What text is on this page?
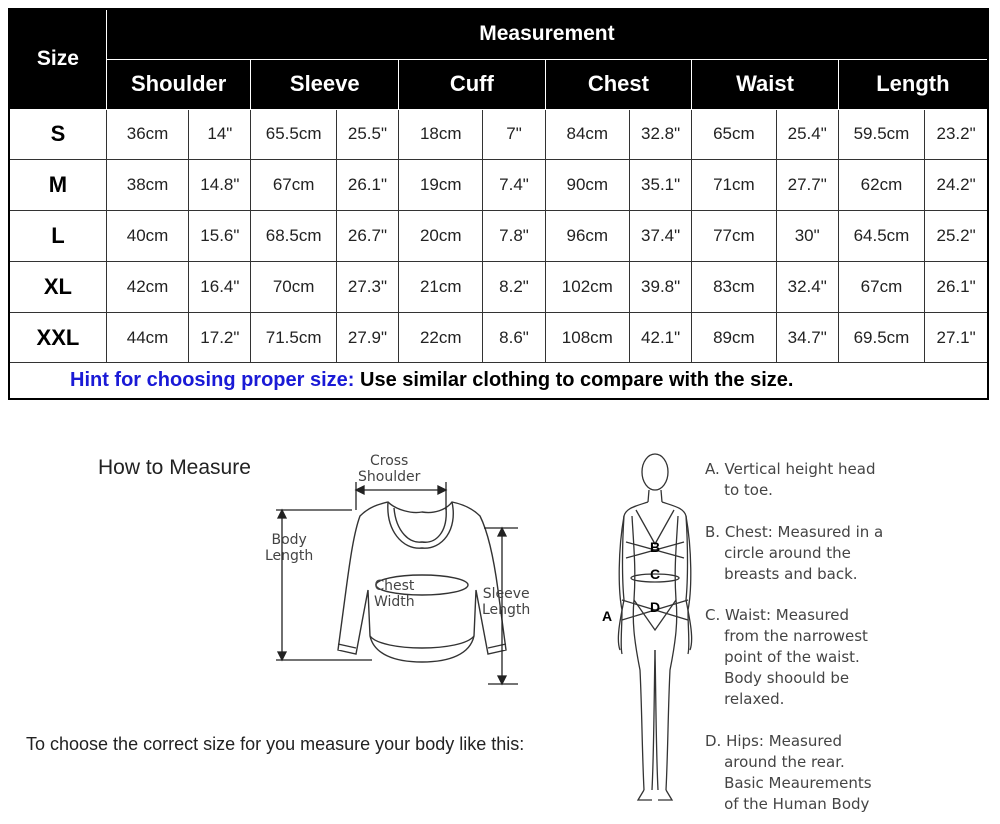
Size	Measurement											
	Shoulder		Sleeve		Cuff		Chest		Waist		Length	
S	36cm	14"	65.5cm	25.5"	18cm	7"	84cm	32.8"	65cm	25.4"	59.5cm	23.2"
M	38cm	14.8"	67cm	26.1"	19cm	7.4"	90cm	35.1"	71cm	27.7"	62cm	24.2"
L	40cm	15.6"	68.5cm	26.7"	20cm	7.8"	96cm	37.4"	77cm	30"	64.5cm	25.2"
XL	42cm	16.4"	70cm	27.3"	21cm	8.2"	102cm	39.8"	83cm	32.4"	67cm	26.1"
XXL	44cm	17.2"	71.5cm	27.9"	22cm	8.6"	108cm	42.1"	89cm	34.7"	69.5cm	27.1"
Hint for choosing proper size: Use similar clothing to compare with the size.												
How to Measure	Cross
Shoulder
Body
Length
Chest
Width	Sleeve
Length
To choose the correct size for you measure your body like this:
B
C
D
A
A. Vertical height head
to toe.
B. Chest: Measured in a
circle around the
breasts and back.
C. Waist: Measured
from the narrowest
point of the waist.
Body shoould be
relaxed.
D. Hips: Measured
around the rear.
Basic Meaurements
of the Human Body
